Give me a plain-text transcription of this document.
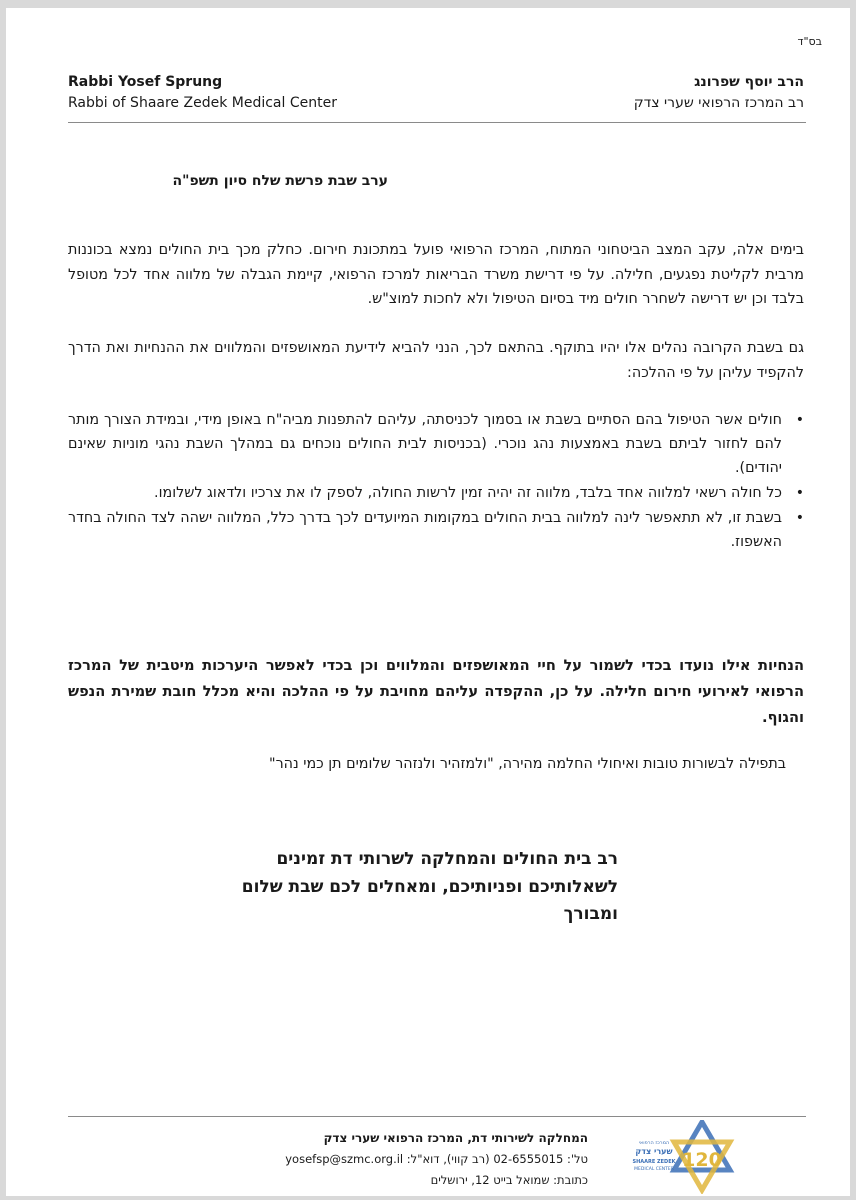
בס"ד
Rabbi Yosef Sprung
Rabbi of Shaare Zedek Medical Center
הרב יוסף שפרונג
רב המרכז הרפואי שערי צדק
ערב שבת פרשת שלח סיון תשפ"ה
בימים אלה, עקב המצב הביטחוני המתוח, המרכז הרפואי פועל במתכונת חירום. כחלק מכך בית החולים נמצא בכוננות מרבית לקליטת נפגעים, חלילה. על פי דרישת משרד הבריאות למרכז הרפואי, קיימת הגבלה של מלווה אחד לכל מטופל בלבד וכן יש דרישה לשחרר חולים מיד בסיום הטיפול ולא לחכות למוצ"ש.
גם בשבת הקרובה נהלים אלו יהיו בתוקף. בהתאם לכך, הנני להביא לידיעת המאושפזים והמלווים את ההנחיות ואת הדרך להקפיד עליהן על פי ההלכה:
• חולים אשר הטיפול בהם הסתיים בשבת או בסמוך לכניסתה, עליהם להתפנות מביה"ח באופן מידי, ובמידת הצורך מותר להם לחזור לביתם בשבת באמצעות נהג נוכרי. (בכניסות לבית החולים נוכחים גם במהלך השבת נהגי מוניות שאינם יהודים).
• כל חולה רשאי למלווה אחד בלבד, מלווה זה יהיה זמין לרשות החולה, לספק לו את צרכיו ולדאוג לשלומו.
• בשבת זו, לא תתאפשר לינה למלווה בבית החולים במקומות המיועדים לכך בדרך כלל, המלווה ישהה לצד החולה בחדר האשפוז.
הנחיות אילו נועדו בכדי לשמור על חיי המאושפזים והמלווים וכן בכדי לאפשר היערכות מיטבית של המרכז הרפואי לאירועי חירום חלילה. על כן, ההקפדה עליהם מחויבת על פי ההלכה והיא מכלל חובת שמירת הנפש והגוף.
בתפילה לבשורות טובות ואיחולי החלמה מהירה, "ולמזהיר ולנזהר שלומים תן כמי נהר"
רב בית החולים והמחלקה לשרותי דת זמינים לשאלותיכם ופניותיכם, ומאחלים לכם שבת שלום ומבורך
המחלקה לשירותי דת, המרכז הרפואי שערי צדק
טל': 02-6555015 (רב קווי), דוא"ל: yosefsp@szmc.org.il
כתובת: שמואל בייט 12, ירושלים
120
המרכז הרפואי
שערי צדק
SHAARE ZEDEK
MEDICAL CENTER
